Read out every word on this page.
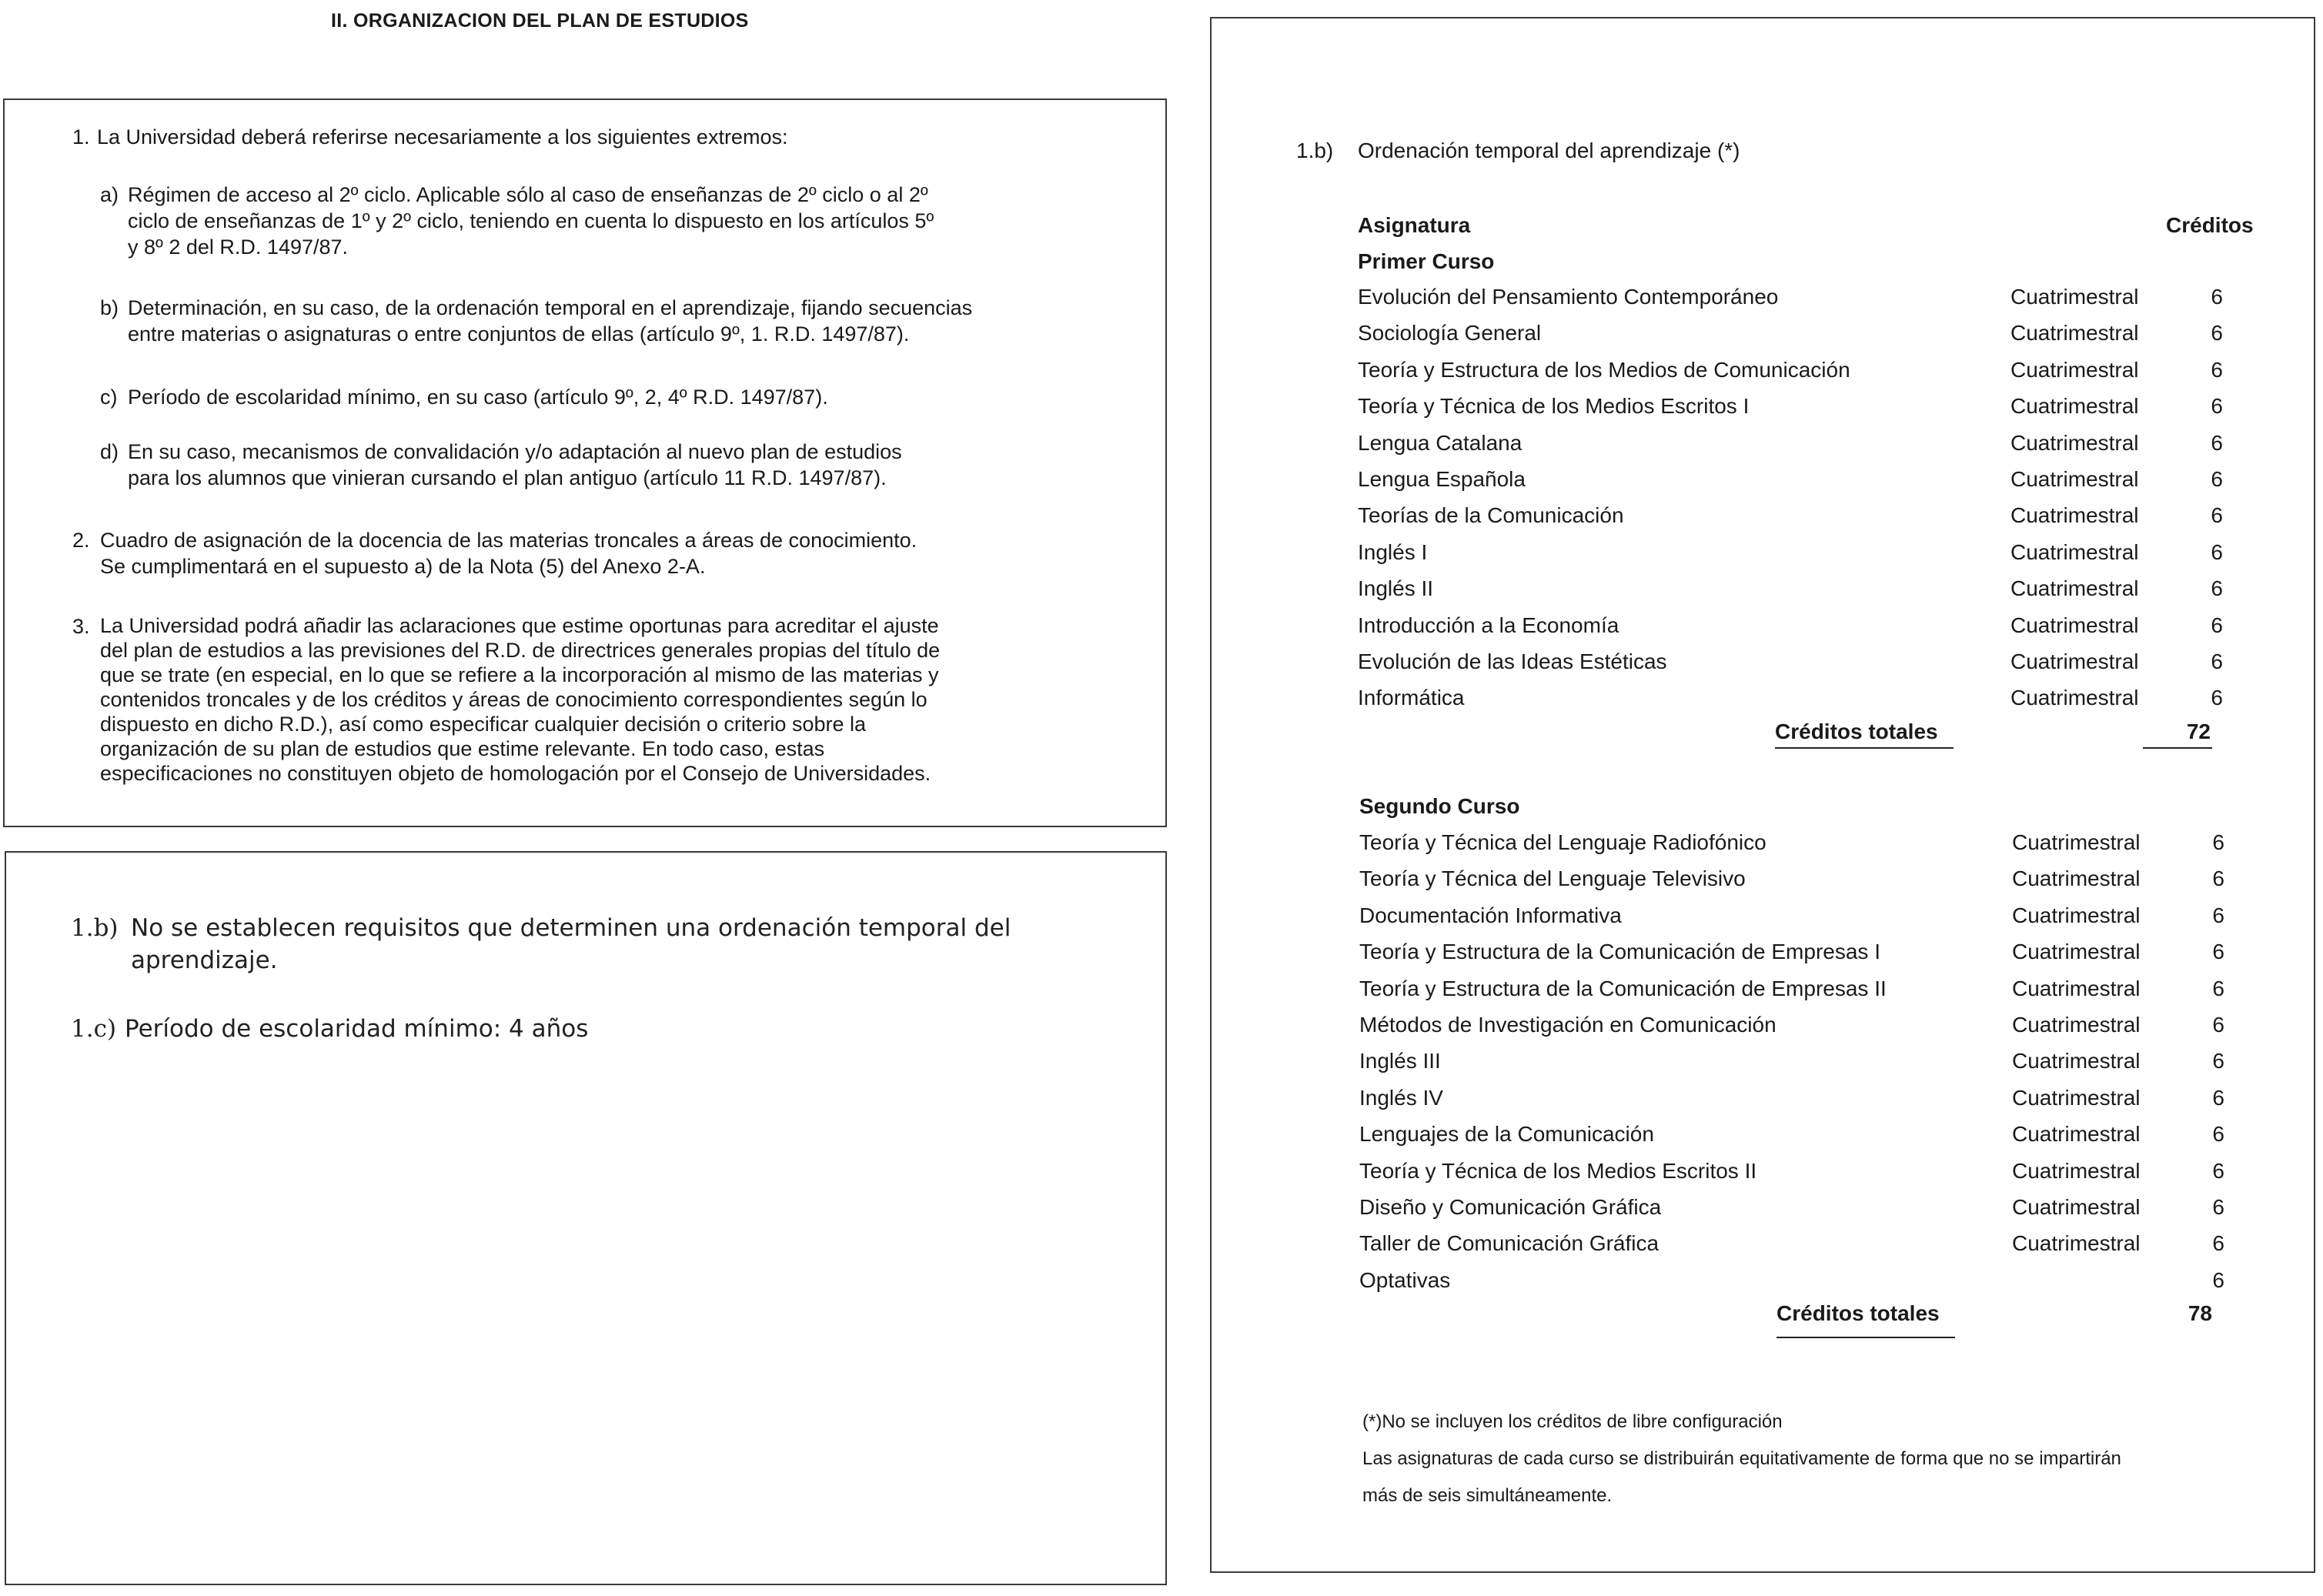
II. ORGANIZACION DEL PLAN DE ESTUDIOS
1. La Universidad deberá referirse necesariamente a los siguientes extremos:
a) Régimen de acceso al 2º ciclo. Aplicable sólo al caso de enseñanzas de 2º ciclo o al 2º
ciclo de enseñanzas de 1º y 2º ciclo, teniendo en cuenta lo dispuesto en los artículos 5º
y 8º 2 del R.D. 1497/87.
b) Determinación, en su caso, de la ordenación temporal en el aprendizaje, fijando secuencias
entre materias o asignaturas o entre conjuntos de ellas (artículo 9º, 1. R.D. 1497/87).
c) Período de escolaridad mínimo, en su caso (artículo 9º, 2, 4º R.D. 1497/87).
d) En su caso, mecanismos de convalidación y/o adaptación al nuevo plan de estudios
para los alumnos que vinieran cursando el plan antiguo (artículo 11 R.D. 1497/87).
2. Cuadro de asignación de la docencia de las materias troncales a áreas de conocimiento.
Se cumplimentará en el supuesto a) de la Nota (5) del Anexo 2-A.
3. La Universidad podrá añadir las aclaraciones que estime oportunas para acreditar el ajuste
del plan de estudios a las previsiones del R.D. de directrices generales propias del título de
que se trate (en especial, en lo que se refiere a la incorporación al mismo de las materias y
contenidos troncales y de los créditos y áreas de conocimiento correspondientes según lo
dispuesto en dicho R.D.), así como especificar cualquier decisión o criterio sobre la
organización de su plan de estudios que estime relevante. En todo caso, estas
especificaciones no constituyen objeto de homologación por el Consejo de Universidades.
1.b) No se establecen requisitos que determinen una ordenación temporal del
aprendizaje.
1.c) Período de escolaridad mínimo: 4 años
1.b) Ordenación temporal del aprendizaje (*)
Asignatura	Créditos
Primer Curso
Evolución del Pensamiento Contemporáneo	Cuatrimestral	6
Sociología General	Cuatrimestral	6
Teoría y Estructura de los Medios de Comunicación	Cuatrimestral	6
Teoría y Técnica de los Medios Escritos I	Cuatrimestral	6
Lengua Catalana	Cuatrimestral	6
Lengua Española	Cuatrimestral	6
Teorías de la Comunicación	Cuatrimestral	6
Inglés I	Cuatrimestral	6
Inglés II	Cuatrimestral	6
Introducción a la Economía	Cuatrimestral	6
Evolución de las Ideas Estéticas	Cuatrimestral	6
Informática	Cuatrimestral	6
Créditos totales	72
Segundo Curso
Teoría y Técnica del Lenguaje Radiofónico	Cuatrimestral	6
Teoría y Técnica del Lenguaje Televisivo	Cuatrimestral	6
Documentación Informativa	Cuatrimestral	6
Teoría y Estructura de la Comunicación de Empresas I	Cuatrimestral	6
Teoría y Estructura de la Comunicación de Empresas II	Cuatrimestral	6
Métodos de Investigación en Comunicación	Cuatrimestral	6
Inglés III	Cuatrimestral	6
Inglés IV	Cuatrimestral	6
Lenguajes de la Comunicación	Cuatrimestral	6
Teoría y Técnica de los Medios Escritos II	Cuatrimestral	6
Diseño y Comunicación Gráfica	Cuatrimestral	6
Taller de Comunicación Gráfica	Cuatrimestral	6
Optativas	6
Créditos totales	78
(*)No se incluyen los créditos de libre configuración
Las asignaturas de cada curso se distribuirán equitativamente de forma que no se impartirán
más de seis simultáneamente.
